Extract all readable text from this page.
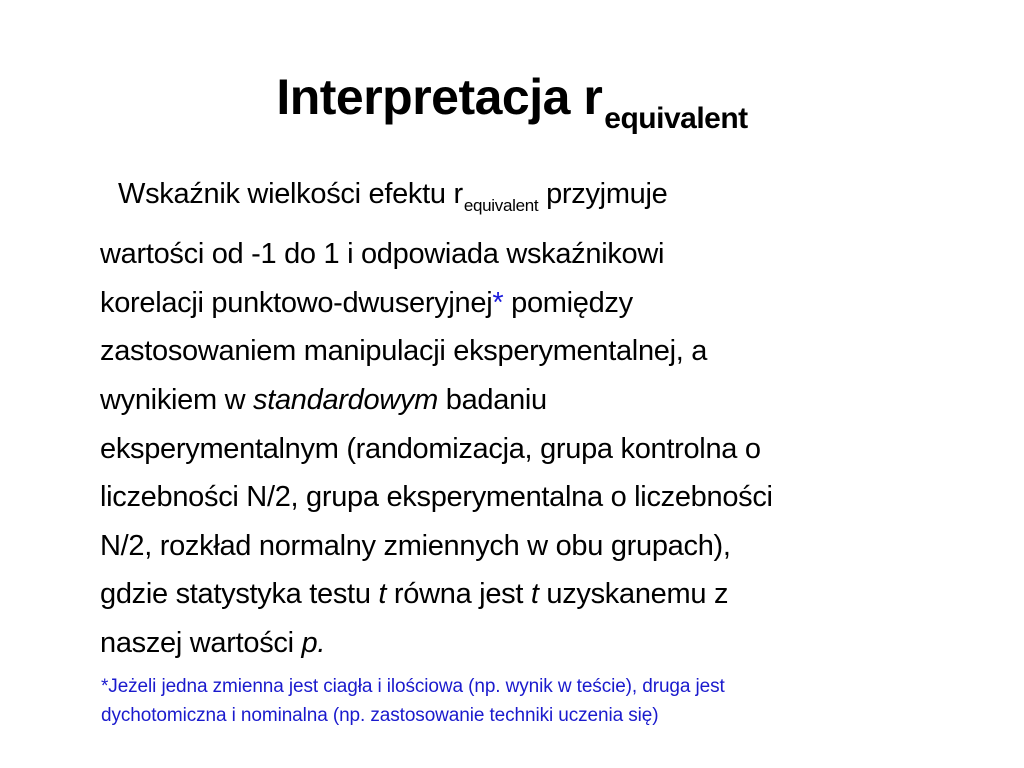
Interpretacja $r_{equivalent}$
Wskaźnik wielkości efektu $r_{equivalent}$ przyjmuje
wartości od -1 do 1 i odpowiada wskaźnikowi
korelacji punktowo-dwuseryjnej* pomiędzy
zastosowaniem manipulacji eksperymentalnej, a
wynikiem w standardowym badaniu
eksperymentalnym (randomizacja, grupa kontrolna o
liczebności N/2, grupa eksperymentalna o liczebności
N/2, rozkład normalny zmiennych w obu grupach),
gdzie statystyka testu t równa jest t uzyskanemu z
naszej wartości p.
*Jeżeli jedna zmienna jest ciagła i ilościowa (np. wynik w teście), druga jest
dychotomiczna i nominalna (np. zastosowanie techniki uczenia się)
